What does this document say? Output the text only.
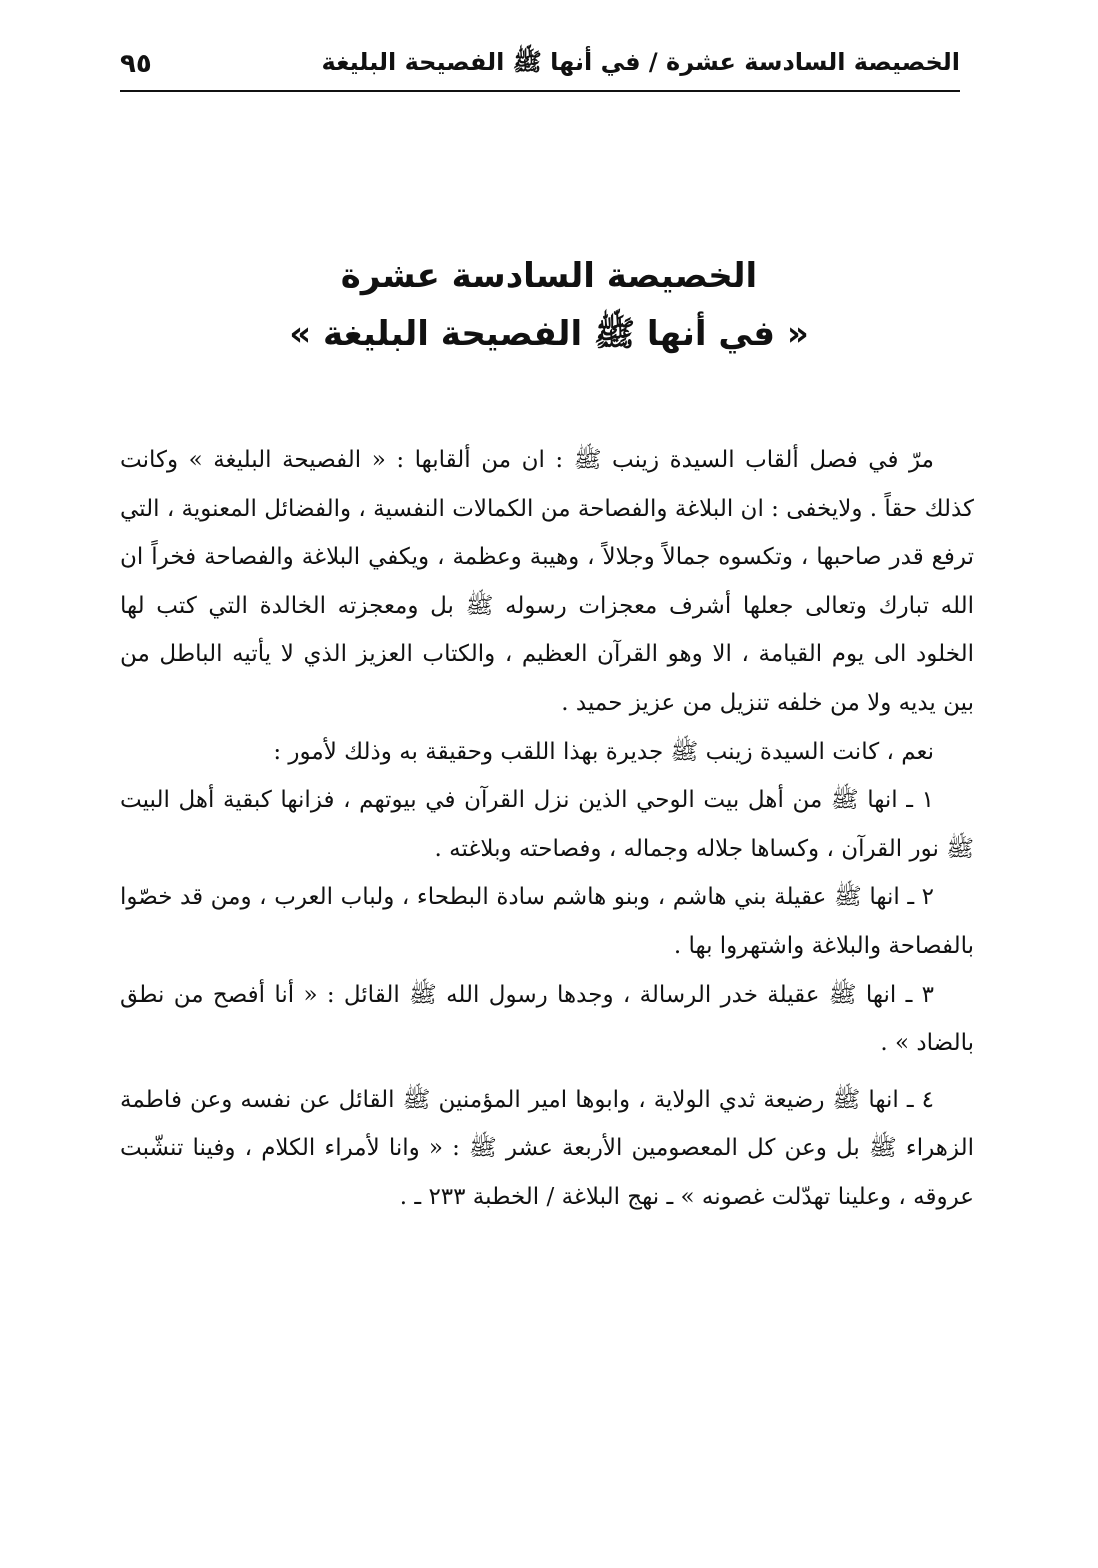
الخصيصة السادسة عشرة / في أنها ﷺ الفصيحة البليغة
٩٥
الخصيصة السادسة عشرة
« في أنها ﷺ الفصيحة البليغة »

مرّ في فصل ألقاب السيدة زينب ﷺ : ان من ألقابها : « الفصيحة البليغة » وكانت كذلك حقاً . ولايخفى : ان البلاغة والفصاحة من الكمالات النفسية ، والفضائل المعنوية ، التي ترفع قدر صاحبها ، وتكسوه جمالاً وجلالاً ، وهيبة وعظمة ، ويكفي البلاغة والفصاحة فخراً ان الله تبارك وتعالى جعلها أشرف معجزات رسوله ﷺ بل ومعجزته الخالدة التي كتب لها الخلود الى يوم القيامة ، الا وهو القرآن العظيم ، والكتاب العزيز الذي لا يأتيه الباطل من بين يديه ولا من خلفه تنزيل من عزيز حميد .

نعم ، كانت السيدة زينب ﷺ جديرة بهذا اللقب وحقيقة به وذلك لأمور :

١ ـ انها ﷺ من أهل بيت الوحي الذين نزل القرآن في بيوتهم ، فزانها كبقية أهل البيت ﷺ نور القرآن ، وكساها جلاله وجماله ، وفصاحته وبلاغته .

٢ ـ انها ﷺ عقيلة بني هاشم ، وبنو هاشم سادة البطحاء ، ولباب العرب ، ومن قد خصّوا بالفصاحة والبلاغة واشتهروا بها .

٣ ـ انها ﷺ عقيلة خدر الرسالة ، وجدها رسول الله ﷺ القائل : « أنا أفصح من نطق بالضاد » .

٤ ـ انها ﷺ رضيعة ثدي الولاية ، وابوها امير المؤمنين ﷺ القائل عن نفسه وعن فاطمة الزهراء ﷺ بل وعن كل المعصومين الأربعة عشر ﷺ : « وانا لأمراء الكلام ، وفينا تنشّبت عروقه ، وعلينا تهدّلت غصونه » ـ نهج البلاغة / الخطبة ٢٣٣ ـ .
